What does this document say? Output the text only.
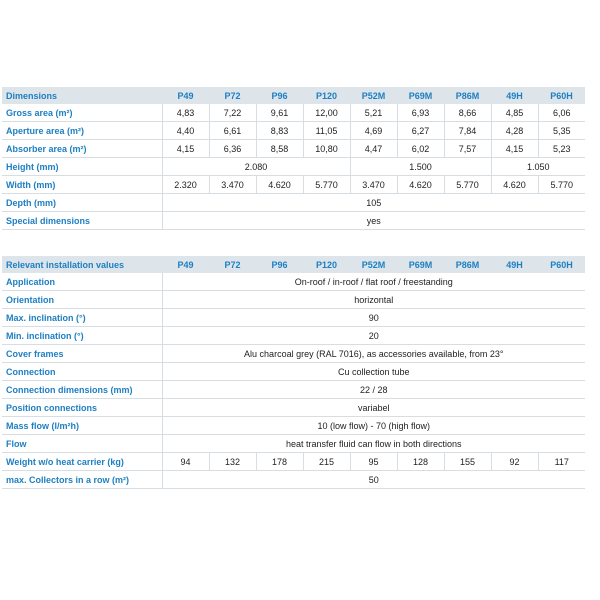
Dimensions	P49	P72	P96	P120	P52M	P69M	P86M	49H	P60H
Gross area (m²)	4,83	7,22	9,61	12,00	5,21	6,93	8,66	4,85	6,06
Aperture area (m²)	4,40	6,61	8,83	11,05	4,69	6,27	7,84	4,28	5,35
Absorber area (m²)	4,15	6,36	8,58	10,80	4,47	6,02	7,57	4,15	5,23
Height (mm)	2.080				1.500			1.050	
Width (mm)	2.320	3.470	4.620	5.770	3.470	4.620	5.770	4.620	5.770
Depth (mm)	105								
Special dimensions	yes								
Relevant installation values	P49	P72	P96	P120	P52M	P69M	P86M	49H	P60H
Application	On-roof / in-roof / flat roof / freestanding								
Orientation	horizontal								
Max. inclination (°)	90								
Min. inclination (°)	20								
Cover frames	Alu charcoal grey (RAL 7016), as accessories available, from 23°								
Connection	Cu collection tube								
Connection dimensions (mm)	22 / 28								
Position connections	variabel								
Mass flow (l/m²h)	10 (low flow) - 70 (high flow)								
Flow	heat transfer fluid can flow in both directions								
Weight w/o heat carrier (kg)	94	132	178	215	95	128	155	92	117
max. Collectors in a row (m²)	50								
